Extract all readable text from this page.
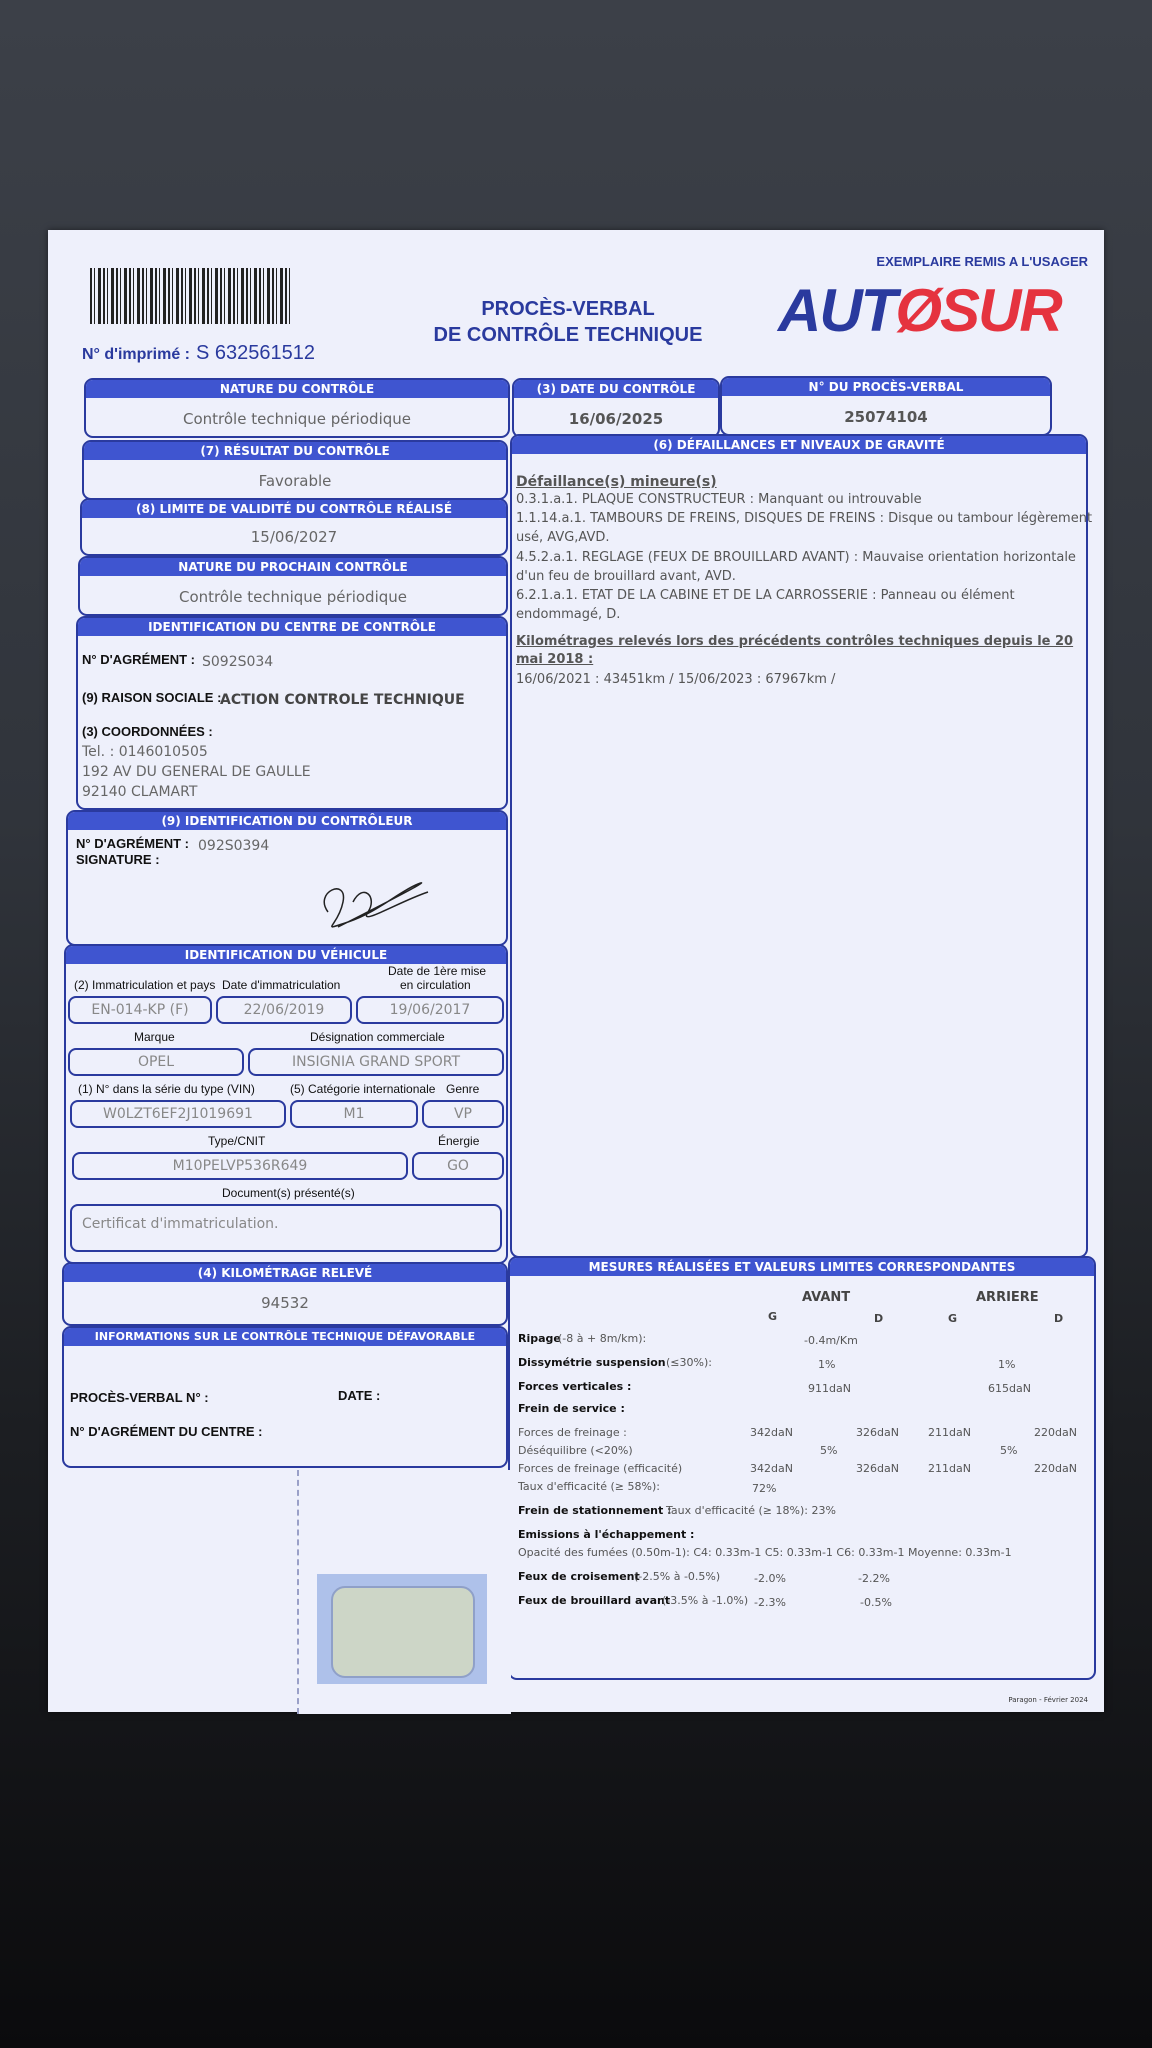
EXEMPLAIRE REMIS A L'USAGER
PROCÈS-VERBAL
DE CONTRÔLE TECHNIQUE AUTØSUR
N° d'imprimé : S 632561512
NATURE DU CONTRÔLE
Contrôle technique périodique
(3) DATE DU CONTRÔLE
16/06/2025
N° DU PROCÈS-VERBAL
25074104
(7) RÉSULTAT DU CONTRÔLE
Favorable
(8) LIMITE DE VALIDITÉ DU CONTRÔLE RÉALISÉ
15/06/2027
NATURE DU PROCHAIN CONTRÔLE
Contrôle technique périodique
IDENTIFICATION DU CENTRE DE CONTRÔLE
N° D'AGRÉMENT : S092S034
(9) RAISON SOCIALE :
ACTION CONTROLE TECHNIQUE
(3) COORDONNÉES :
Tel. : 0146010505
192 AV DU GENERAL DE GAULLE
92140 CLAMART
(9) IDENTIFICATION DU CONTRÔLEUR
N° D'AGRÉMENT : 092S0394
SIGNATURE :
IDENTIFICATION DU VÉHICULE
(2) Immatriculation et pays Date d'immatriculation
Date de 1ère mise
en circulation
EN-014-KP (F)	22/06/2019	19/06/2017
Marque	Désignation commerciale
OPEL	INSIGNIA GRAND SPORT
(1) N° dans la série du type (VIN)	(5) Catégorie internationale Genre
W0LZT6EF2J1019691	M1	VP
Type/CNIT	Énergie
M10PELVP536R649	GO
Document(s) présenté(s)
Certificat d'immatriculation.
(4) KILOMÉTRAGE RELEVÉ
94532
INFORMATIONS SUR LE CONTRÔLE TECHNIQUE DÉFAVORABLE
PROCÈS-VERBAL N° :	DATE :
N° D'AGRÉMENT DU CENTRE :
(6) DÉFAILLANCES ET NIVEAUX DE GRAVITÉ
Défaillance(s) mineure(s)
0.3.1.a.1. PLAQUE CONSTRUCTEUR : Manquant ou introuvable
1.1.14.a.1. TAMBOURS DE FREINS, DISQUES DE FREINS : Disque ou tambour légèrement
usé, AVG,AVD.
4.5.2.a.1. REGLAGE (FEUX DE BROUILLARD AVANT) : Mauvaise orientation horizontale
d'un feu de brouillard avant, AVD.
6.2.1.a.1. ETAT DE LA CABINE ET DE LA CARROSSERIE : Panneau ou élément
endommagé, D.
Kilométrages relevés lors des précédents contrôles techniques depuis le 20
mai 2018 :
16/06/2021 : 43451km / 15/06/2023 : 67967km /
MESURES RÉALISÉES ET VALEURS LIMITES CORRESPONDANTES
AVANT	ARRIERE
G	D	G	D
Ripage
(-8 à + 8m/km):	-0.4m/Km
Dissymétrie suspension (≤30%):	1%	1%
Forces verticales :	911daN	615daN
Frein de service :
Forces de freinage :	342daN	326daN	211daN	220daN
Déséquilibre (<20%)	5%	5%
Forces de freinage (efficacité)	342daN	326daN	211daN	220daN
Taux d'efficacité (≥ 58%):	72%
Frein de stationnement :
Taux d'efficacité (≥ 18%): 23%
Emissions à l'échappement :
Opacité des fumées (0.50m-1): C4: 0.33m-1 C5: 0.33m-1 C6: 0.33m-1 Moyenne: 0.33m-1
Feux de croisement
(-2.5% à -0.5%)	-2.0%	-2.2%
Feux de brouillard avant
(-3.5% à -1.0%) -2.3%	-0.5%
Paragon - Février 2024
